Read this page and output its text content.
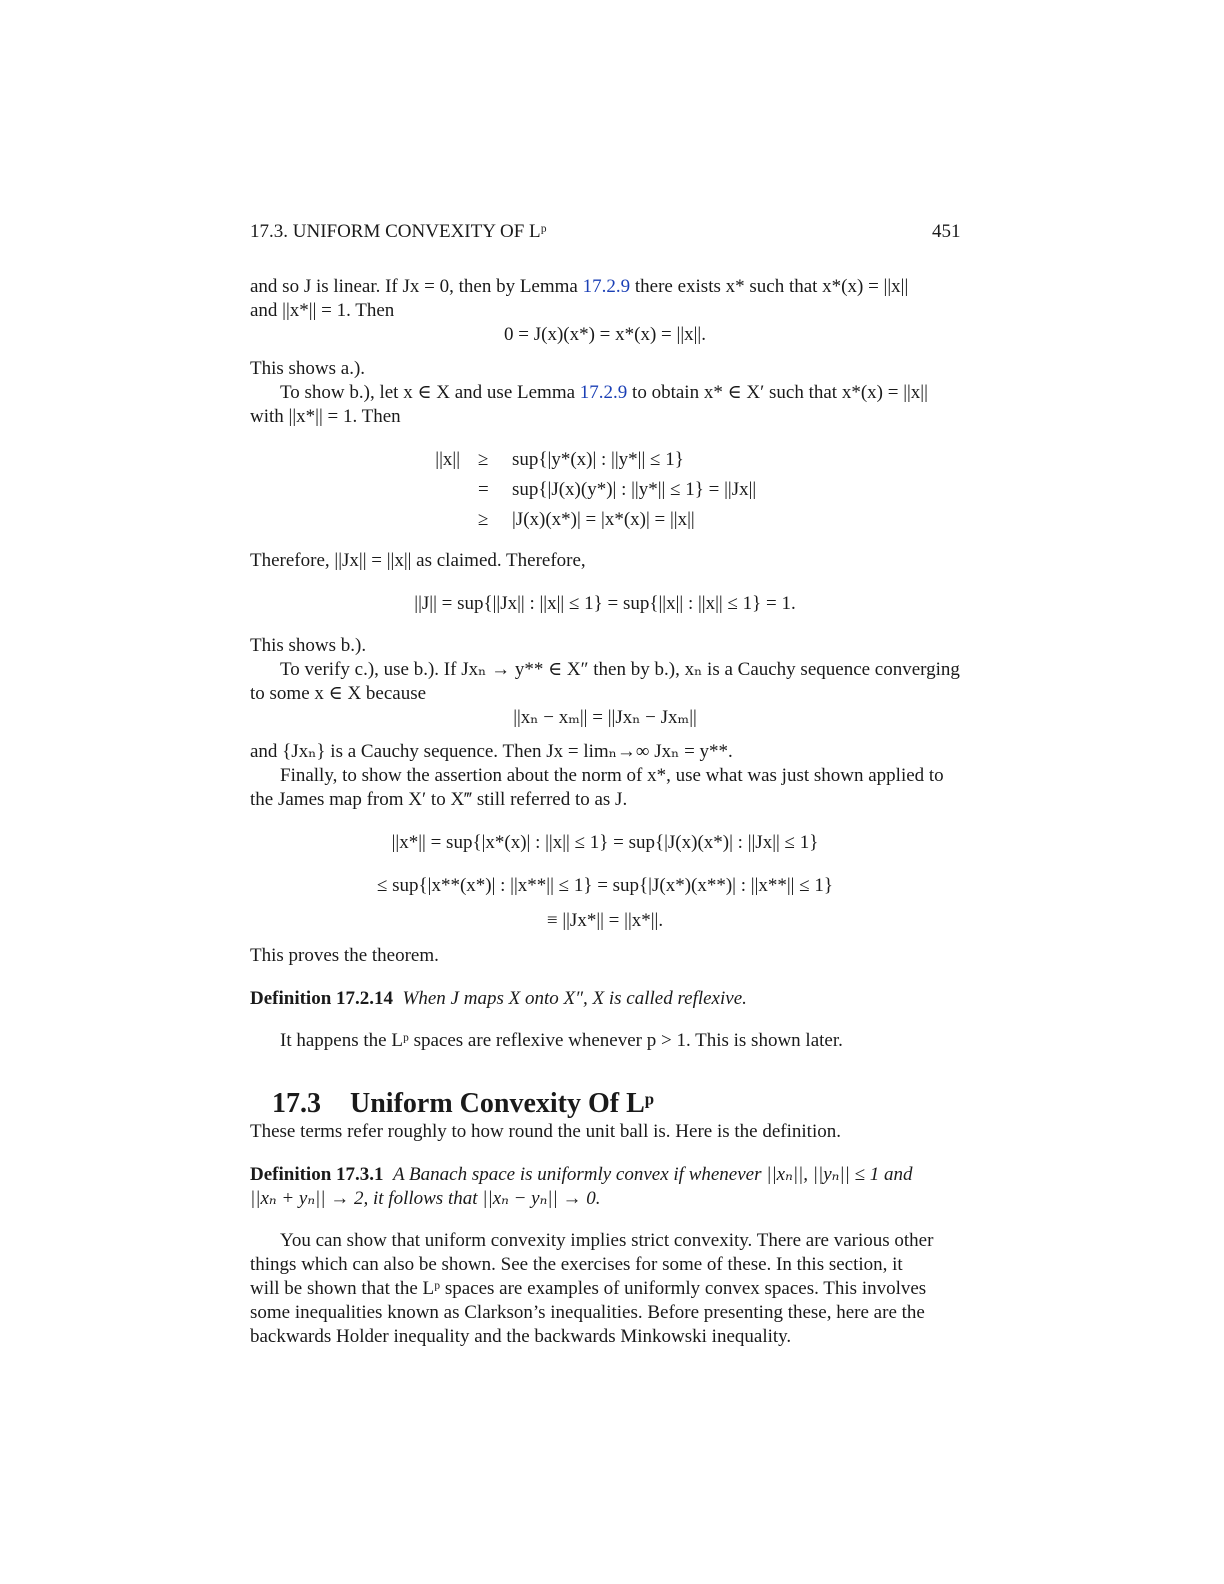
17.3. UNIFORM CONVEXITY OF Lᵖ	451
and so J is linear. If Jx = 0, then by Lemma 17.2.9 there exists x* such that x*(x) = ||x||
and ||x*|| = 1. Then
0 = J(x)(x*) = x*(x) = ||x||.
This shows a.).
To show b.), let x ∈ X and use Lemma 17.2.9 to obtain x* ∈ X′ such that x*(x) = ||x||
with ||x*|| = 1. Then
||x|| ≥
=
≥
sup{|y*(x)| : ||y*|| ≤ 1}
sup{|J(x)(y*)| : ||y*|| ≤ 1} = ||Jx||
|J(x)(x*)| = |x*(x)| = ||x||
Therefore, ||Jx|| = ||x|| as claimed. Therefore,
||J|| = sup{||Jx|| : ||x|| ≤ 1} = sup{||x|| : ||x|| ≤ 1} = 1.
This shows b.).
To verify c.), use b.). If Jxₙ → y** ∈ X″ then by b.), xₙ is a Cauchy sequence converging
to some x ∈ X because
||xₙ − xₘ|| = ||Jxₙ − Jxₘ||
and {Jxₙ} is a Cauchy sequence. Then Jx = limₙ→∞ Jxₙ = y**.
Finally, to show the assertion about the norm of x*, use what was just shown applied to
the James map from X′ to X‴ still referred to as J.
||x*|| = sup{|x*(x)| : ||x|| ≤ 1} = sup{|J(x)(x*)| : ||Jx|| ≤ 1}
≤ sup{|x**(x*)| : ||x**|| ≤ 1} = sup{|J(x*)(x**)| : ||x**|| ≤ 1}
≡ ||Jx*|| = ||x*||.
This proves the theorem.
Definition 17.2.14 When J maps X onto X″, X is called reflexive.
It happens the Lᵖ spaces are reflexive whenever p > 1. This is shown later.
17.3 Uniform Convexity Of Lᵖ
These terms refer roughly to how round the unit ball is. Here is the definition.
Definition 17.3.1 A Banach space is uniformly convex if whenever ||xₙ||, ||yₙ|| ≤ 1 and
||xₙ + yₙ|| → 2, it follows that ||xₙ − yₙ|| → 0.
You can show that uniform convexity implies strict convexity. There are various other
things which can also be shown. See the exercises for some of these. In this section, it
will be shown that the Lᵖ spaces are examples of uniformly convex spaces. This involves
some inequalities known as Clarkson’s inequalities. Before presenting these, here are the
backwards Holder inequality and the backwards Minkowski inequality.
